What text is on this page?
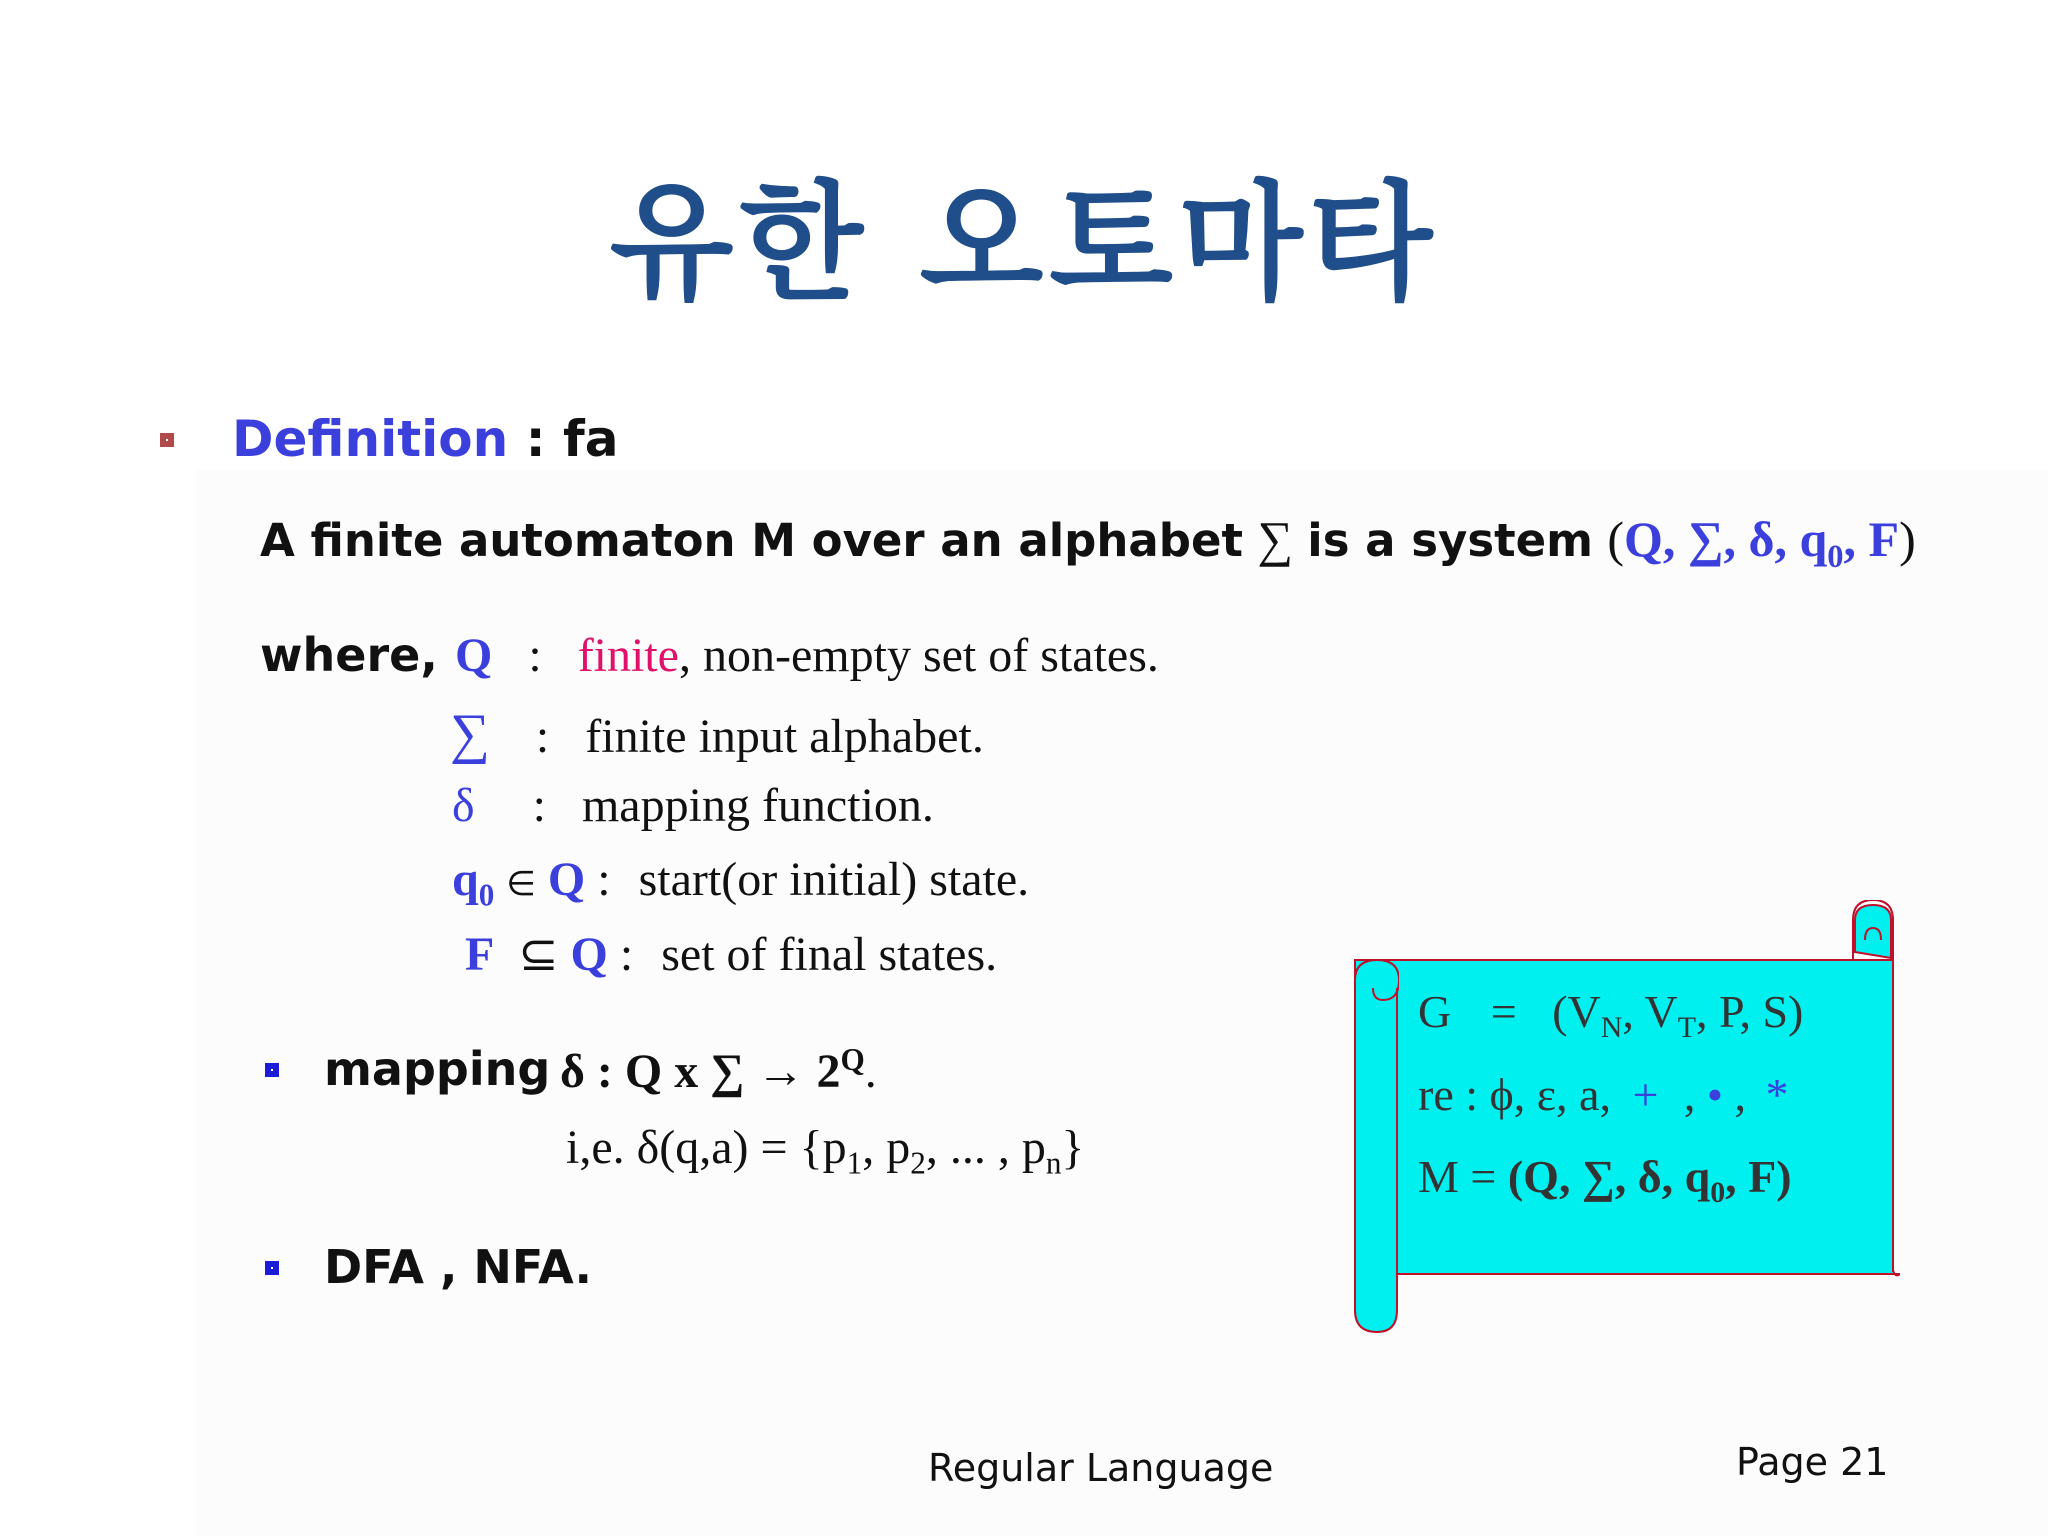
유한 오토마타
Definition : fa
A finite automaton M over an alphabet ∑ is a system (Q, ∑, δ, $q_0$, F)
where, Q : finite, non-empty set of states.
∑ : finite input alphabet.
δ : mapping function.
$q_0$ ∈ Q : start(or initial) state.
F ⊆ Q : set of final states.
mapping δ : Q x ∑ → $2^Q$.
i,e. $\delta(q,a) = \{p_1$, $p_2$, ... , $p_n$}
DFA , NFA.
$G = (V_N$, $V_T$, P, S)
re : ϕ, ε, a, + , • , *
M = (Q, ∑, δ, $q_0$, F)
Regular Language	Page 21
